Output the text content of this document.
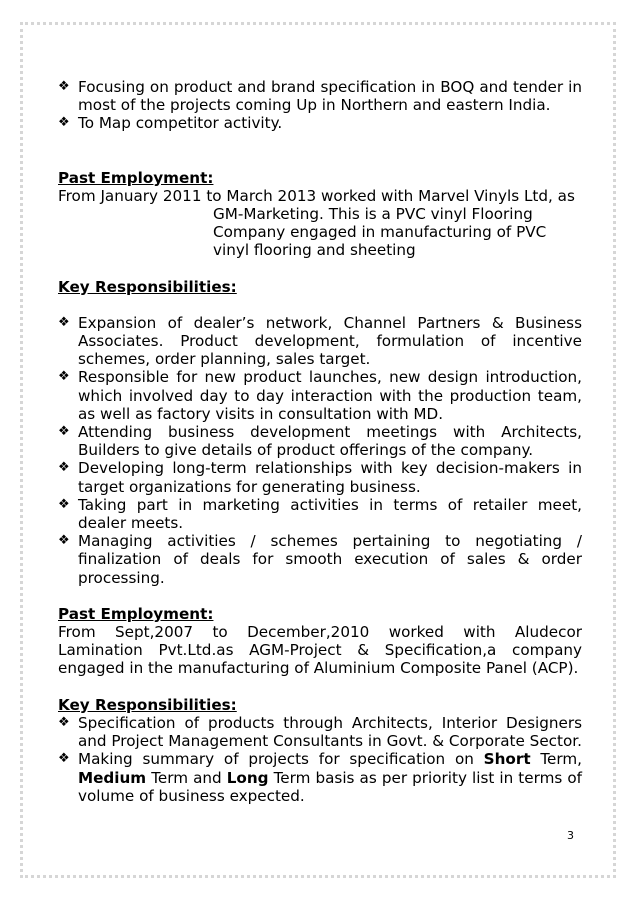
❖ Focusing on product and brand specification in BOQ and tender in most of the projects coming Up in Northern and eastern India.
❖ To Map competitor activity.

Past Employment:

From January 2011 to March 2013 worked with Marvel Vinyls Ltd, as
GM-Marketing. This is a PVC vinyl Flooring
Company engaged in manufacturing of PVC
vinyl flooring and sheeting

Key Responsibilities:

❖ Expansion of dealer’s network, Channel Partners & Business Associates. Product development, formulation of incentive schemes, order planning, sales target.
❖ Responsible for new product launches, new design introduction, which involved day to day interaction with the production team, as well as factory visits in consultation with MD.
❖ Attending business development meetings with Architects, Builders to give details of product offerings of the company.
❖ Developing long-term relationships with key decision-makers in target organizations for generating business.
❖ Taking part in marketing activities in terms of retailer meet, dealer meets.
❖ Managing activities / schemes pertaining to negotiating / finalization of deals for smooth execution of sales & order processing.

Past Employment:

From Sept,2007 to December,2010 worked with Aludecor Lamination Pvt.Ltd.as AGM-Project & Specification,a company engaged in the manufacturing of Aluminium Composite Panel (ACP).

Key Responsibilities:

❖ Specification of products through Architects, Interior Designers and Project Management Consultants in Govt. & Corporate Sector.
❖ Making summary of projects for specification on Short Term, Medium Term and Long Term basis as per priority list in terms of volume of business expected.
3
